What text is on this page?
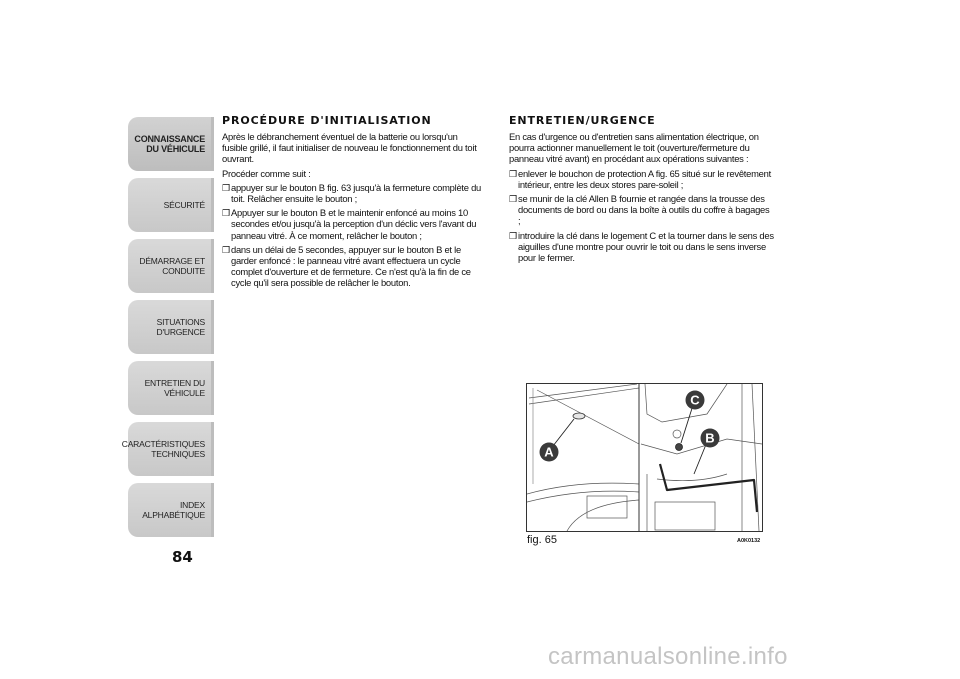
CONNAISSANCE
DU VÉHICULE
SÉCURITÉ
DÉMARRAGE ET
CONDUITE
SITUATIONS
D'URGENCE
ENTRETIEN DU
VÉHICULE
CARACTÉRISTIQUES
TECHNIQUES
INDEX
ALPHABÉTIQUE
84
PROCÉDURE D'INITIALISATION

Après le débranchement éventuel de la batterie ou lorsqu'un fusible grillé, il faut initialiser de nouveau le fonctionnement du toit ouvrant.

Procéder comme suit :

❒ appuyer sur le bouton B fig. 63 jusqu'à la fermeture complète du toit. Relâcher ensuite le bouton ;
❒ Appuyer sur le bouton B et le maintenir enfoncé au moins 10 secondes et/ou jusqu'à la perception d'un déclic vers l'avant du panneau vitré. À ce moment, relâcher le bouton ;
❒ dans un délai de 5 secondes, appuyer sur le bouton B et le garder enfoncé : le panneau vitré avant effectuera un cycle complet d'ouverture et de fermeture. Ce n'est qu'à la fin de ce cycle qu'il sera possible de relâcher le bouton.
ENTRETIEN/URGENCE

En cas d'urgence ou d'entretien sans alimentation électrique, on pourra actionner manuellement le toit (ouverture/fermeture du panneau vitré avant) en procédant aux opérations suivantes :

❒ enlever le bouchon de protection A fig. 65 situé sur le revêtement intérieur, entre les deux stores pare-soleil ;
❒ se munir de la clé Allen B fournie et rangée dans la trousse des documents de bord ou dans la boîte à outils du coffre à bagages ;
❒ introduire la clé dans le logement C et la tourner dans le sens des aiguilles d'une montre pour ouvrir le toit ou dans le sens inverse pour le fermer.
A
C
B
fig. 65	A0K0132
carmanualsonline.info
